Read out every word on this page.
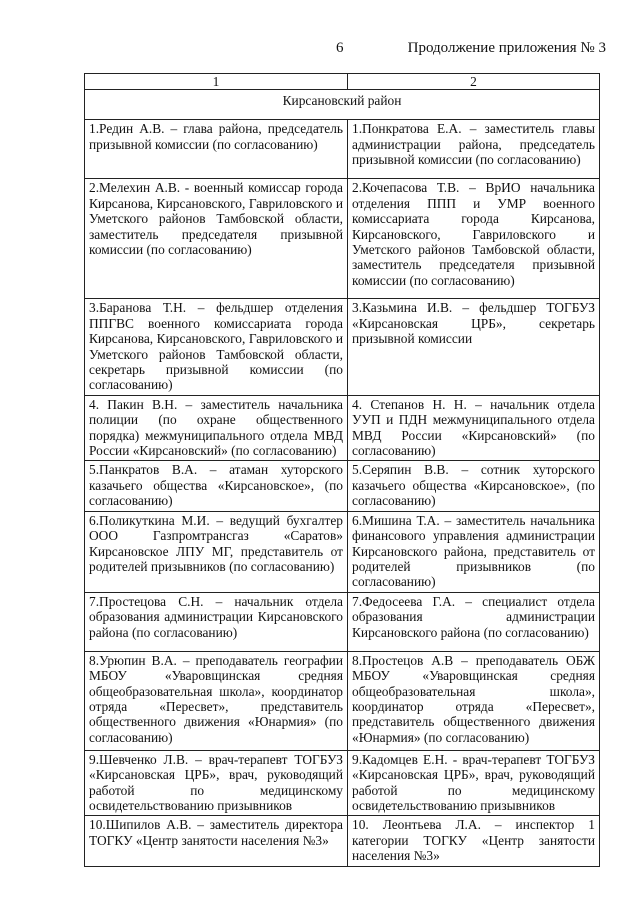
6	Продолжение приложения № 3
1	2
Кирсановский район	
1.Редин А.В. – глава района, председатель призывной комиссии (по согласованию)	1.Понкратова Е.А. – заместитель главы администрации района, председатель призывной комиссии (по согласованию)
2.Мелехин А.В. - военный комиссар города Кирсанова, Кирсановского, Гавриловского и Уметского районов Тамбовской области, заместитель председателя призывной комиссии (по согласованию)	2.Кочепасова Т.В. – ВрИО начальника отделения ППП и УМР военного комиссариата города Кирсанова, Кирсановского, Гавриловского и Уметского районов Тамбовской области, заместитель председателя призывной комиссии (по согласованию)
3.Баранова Т.Н. – фельдшер отделения ППГВС военного комиссариата города Кирсанова, Кирсановского, Гавриловского и Уметского районов Тамбовской области, секретарь призывной комиссии (по согласованию)	3.Казьмина И.В. – фельдшер ТОГБУЗ «Кирсановская ЦРБ», секретарь призывной комиссии
4. Пакин В.Н. – заместитель начальника полиции (по охране общественного порядка) межмуниципального отдела МВД России «Кирсановский» (по согласованию)	4. Степанов Н. Н. – начальник отдела УУП и ПДН межмуниципального отдела МВД России «Кирсановский» (по согласованию)
5.Панкратов В.А. – атаман хуторского казачьего общества «Кирсановское», (по согласованию)	5.Серяпин В.В. – сотник хуторского казачьего общества «Кирсановское», (по согласованию)
6.Поликуткина М.И. – ведущий бухгалтер ООО Газпромтрансгаз «Саратов» Кирсановское ЛПУ МГ, представитель от родителей призывников (по согласованию)	6.Мишина Т.А. – заместитель начальника финансового управления администрации Кирсановского района, представитель от родителей призывников (по согласованию)
7.Простецова С.Н. – начальник отдела образования администрации Кирсановского района (по согласованию)	7.Федосеева Г.А. – специалист отдела образования администрации Кирсановского района (по согласованию)
8.Урюпин В.А. – преподаватель географии МБОУ «Уваровщинская средняя общеобразовательная школа», координатор отряда «Пересвет», представитель общественного движения «Юнармия» (по согласованию)	8.Простецов А.В – преподаватель ОБЖ МБОУ «Уваровщинская средняя общеобразовательная школа», координатор отряда «Пересвет», представитель общественного движения «Юнармия» (по согласованию)
9.Шевченко Л.В. – врач-терапевт ТОГБУЗ «Кирсановская ЦРБ», врач, руководящий работой по медицинскому освидетельствованию призывников	9.Кадомцев Е.Н. - врач-терапевт ТОГБУЗ «Кирсановская ЦРБ», врач, руководящий работой по медицинскому освидетельствованию призывников
10.Шипилов А.В. – заместитель директора ТОГКУ «Центр занятости населения №3»	10. Леонтьева Л.А. – инспектор 1 категории ТОГКУ «Центр занятости населения №3»
